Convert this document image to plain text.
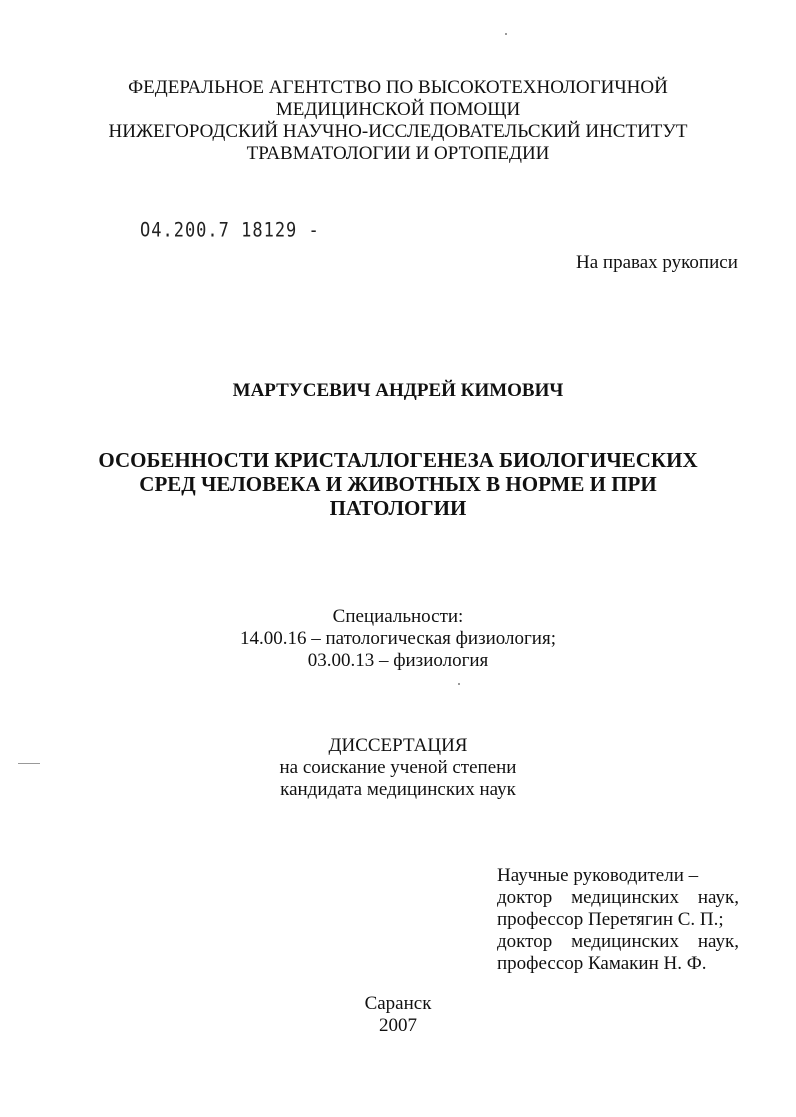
ФЕДЕРАЛЬНОЕ АГЕНТСТВО ПО ВЫСОКОТЕХНОЛОГИЧНОЙ
МЕДИЦИНСКОЙ ПОМОЩИ
НИЖЕГОРОДСКИЙ НАУЧНО-ИССЛЕДОВАТЕЛЬСКИЙ ИНСТИТУТ
ТРАВМАТОЛОГИИ И ОРТОПЕДИИ
Ο4.200.7 18129 -
На правах рукописи
МАРТУСЕВИЧ АНДРЕЙ КИМОВИЧ
ОСОБЕННОСТИ КРИСТАЛЛОГЕНЕЗА БИОЛОГИЧЕСКИХ
СРЕД ЧЕЛОВЕКА И ЖИВОТНЫХ В НОРМЕ И ПРИ
ПАТОЛОГИИ
Специальности:
14.00.16 – патологическая физиология;
03.00.13 – физиология
ДИССЕРТАЦИЯ
на соискание ученой степени
кандидата медицинских наук
Научные руководители –
доктор медицинских наук,
профессор Перетягин С. П.;
доктор медицинских наук,
профессор Камакин Н. Ф.
Саранск
2007
